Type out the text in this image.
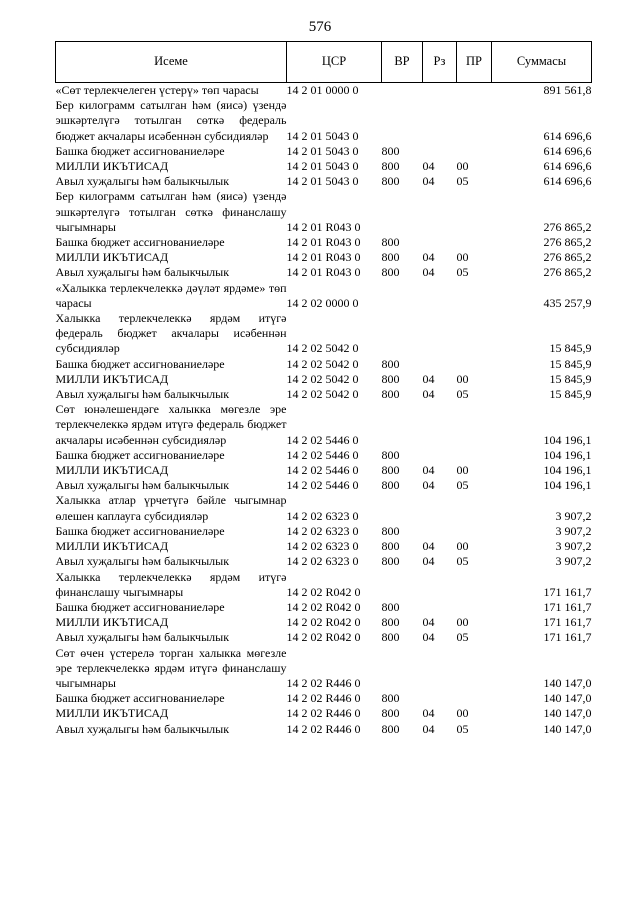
576
Исеме	ЦСР	ВР	Рз	ПР	Суммасы
«Сөт терлекчелеген үстерү» төп чарасы	14 2 01 0000 0				891 561,8
Бер килограмм сатылган һәм (яисә) үзендә эшкәртелүгә тотылган сөткә федераль бюджет акчалары исәбеннән субсидияләр	14 2 01 5043 0				614 696,6
Башка бюджет ассигнованиеләре	14 2 01 5043 0	800			614 696,6
МИЛЛИ ИКЪТИСАД	14 2 01 5043 0	800	04	00	614 696,6
Авыл хуҗалыгы һәм балыкчылык	14 2 01 5043 0	800	04	05	614 696,6
Бер килограмм сатылган һәм (яисә) үзендә эшкәртелүгә тотылган сөткә финанслашу чыгымнары	14 2 01 R043 0				276 865,2
Башка бюджет ассигнованиеләре	14 2 01 R043 0	800			276 865,2
МИЛЛИ ИКЪТИСАД	14 2 01 R043 0	800	04	00	276 865,2
Авыл хуҗалыгы һәм балыкчылык	14 2 01 R043 0	800	04	05	276 865,2
«Халыкка терлекчелеккә дәүләт ярдәме» төп чарасы	14 2 02 0000 0				435 257,9
Халыкка терлекчелеккә ярдәм итүгә федераль бюджет акчалары исәбеннән субсидияләр	14 2 02 5042 0				15 845,9
Башка бюджет ассигнованиеләре	14 2 02 5042 0	800			15 845,9
МИЛЛИ ИКЪТИСАД	14 2 02 5042 0	800	04	00	15 845,9
Авыл хуҗалыгы һәм балыкчылык	14 2 02 5042 0	800	04	05	15 845,9
Сөт юнәлешендәге халыкка мөгезле эре терлекчелеккә ярдәм итүгә федераль бюджет акчалары исәбеннән субсидияләр	14 2 02 5446 0				104 196,1
Башка бюджет ассигнованиеләре	14 2 02 5446 0	800			104 196,1
МИЛЛИ ИКЪТИСАД	14 2 02 5446 0	800	04	00	104 196,1
Авыл хуҗалыгы һәм балыкчылык	14 2 02 5446 0	800	04	05	104 196,1
Халыкка атлар үрчетүгә бәйле чыгымнар өлешен каплауга субсидияләр	14 2 02 6323 0				3 907,2
Башка бюджет ассигнованиеләре	14 2 02 6323 0	800			3 907,2
МИЛЛИ ИКЪТИСАД	14 2 02 6323 0	800	04	00	3 907,2
Авыл хуҗалыгы һәм балыкчылык	14 2 02 6323 0	800	04	05	3 907,2
Халыкка терлекчелеккә ярдәм итүгә финанслашу чыгымнары	14 2 02 R042 0				171 161,7
Башка бюджет ассигнованиеләре	14 2 02 R042 0	800			171 161,7
МИЛЛИ ИКЪТИСАД	14 2 02 R042 0	800	04	00	171 161,7
Авыл хуҗалыгы һәм балыкчылык	14 2 02 R042 0	800	04	05	171 161,7
Сөт өчен үстерелә торган халыкка мөгезле эре терлекчелеккә ярдәм итүгә финанслашу чыгымнары	14 2 02 R446 0				140 147,0
Башка бюджет ассигнованиеләре	14 2 02 R446 0	800			140 147,0
МИЛЛИ ИКЪТИСАД	14 2 02 R446 0	800	04	00	140 147,0
Авыл хуҗалыгы һәм балыкчылык	14 2 02 R446 0	800	04	05	140 147,0
